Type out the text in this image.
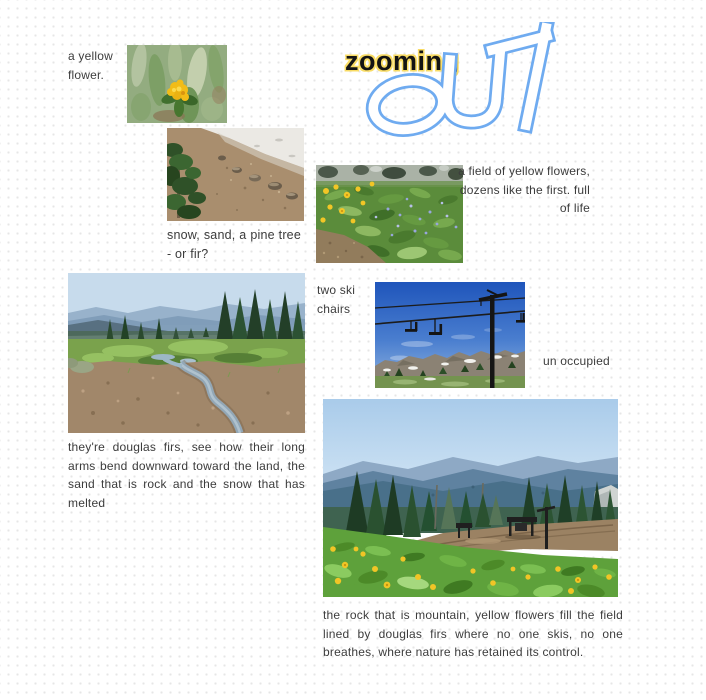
a yellow flower.	zooming
snow, sand, a pine tree - or fir?
a field of yellow flowers, dozens like the first. full of life
two ski chairs
un occupied
they're douglas firs, see how their long arms bend downward toward the land, the sand that is rock and the snow that has melted
the rock that is mountain, yellow flowers fill the field lined by douglas firs where no one skis, no one breathes, where nature has retained its control.
